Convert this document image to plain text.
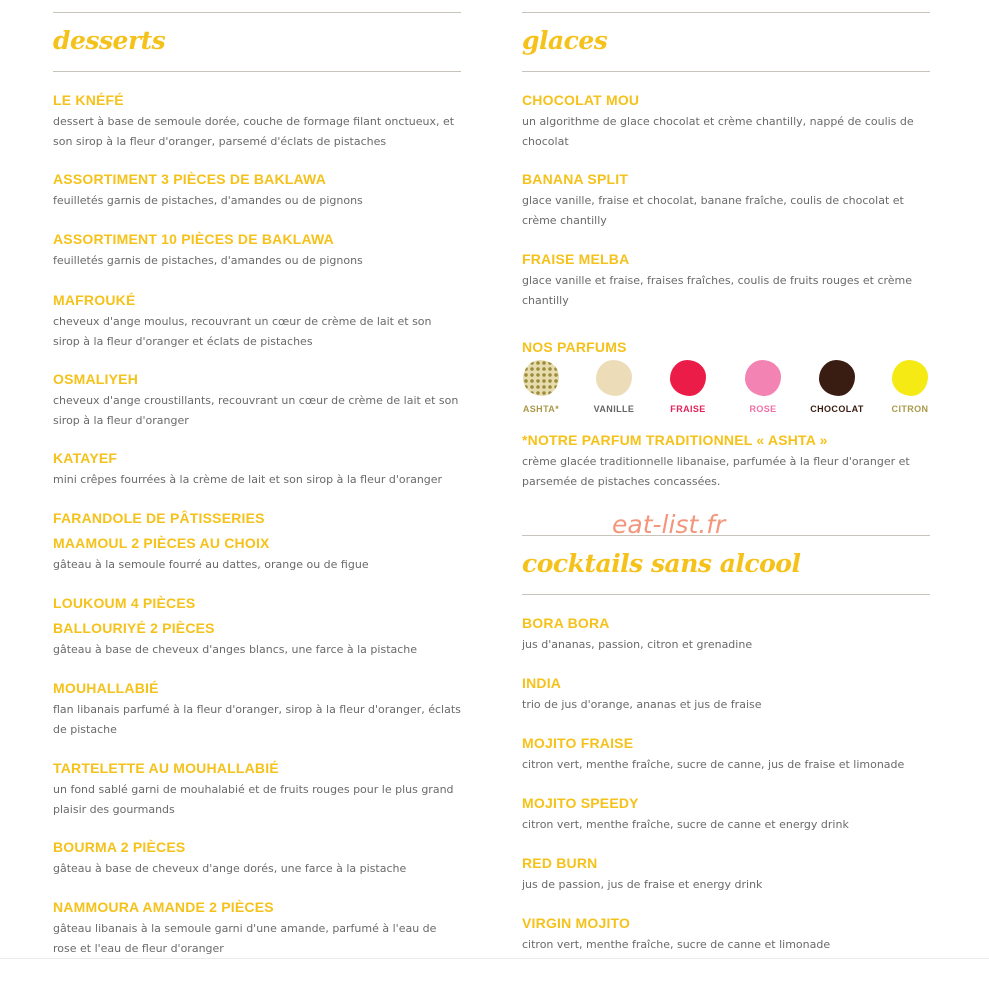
desserts
LE KNÉFÉ
dessert à base de semoule dorée, couche de formage filant onctueux, et son sirop à la fleur d'oranger, parsemé d'éclats de pistaches
ASSORTIMENT 3 PIÈCES DE BAKLAWA
feuilletés garnis de pistaches, d'amandes ou de pignons
ASSORTIMENT 10 PIÈCES DE BAKLAWA
feuilletés garnis de pistaches, d'amandes ou de pignons
MAFROUKÉ
cheveux d'ange moulus, recouvrant un cœur de crème de lait et son sirop à la fleur d'oranger et éclats de pistaches
OSMALIYEH
cheveux d'ange croustillants, recouvrant un cœur de crème de lait et son sirop à la fleur d'oranger
KATAYEF
mini crêpes fourrées à la crème de lait et son sirop à la fleur d'oranger
FARANDOLE DE PÂTISSERIES
MAAMOUL 2 PIÈCES AU CHOIX
gâteau à la semoule fourré au dattes, orange ou de figue
LOUKOUM 4 PIÈCES
BALLOURIYÉ 2 PIÈCES
gâteau à base de cheveux d'anges blancs, une farce à la pistache
MOUHALLABIÉ
flan libanais parfumé à la fleur d'oranger, sirop à la fleur d'oranger, éclats de pistache
TARTELETTE AU MOUHALLABIÉ
un fond sablé garni de mouhalabié et de fruits rouges pour le plus grand plaisir des gourmands
BOURMA 2 PIÈCES
gâteau à base de cheveux d'ange dorés, une farce à la pistache
NAMMOURA AMANDE 2 PIÈCES
gâteau libanais à la semoule garni d'une amande, parfumé à l'eau de rose et l'eau de fleur d'oranger
glaces
CHOCOLAT MOU
un algorithme de glace chocolat et crème chantilly, nappé de coulis de chocolat
BANANA SPLIT
glace vanille, fraise et chocolat, banane fraîche, coulis de chocolat et crème chantilly
FRAISE MELBA
glace vanille et fraise, fraises fraîches, coulis de fruits rouges et crème chantilly
NOS PARFUMS
ASHTA*	VANILLE	FRAISE	ROSE	CHOCOLAT	CITRON
*NOTRE PARFUM TRADITIONNEL « ASHTA »
crème glacée traditionnelle libanaise, parfumée à la fleur d'oranger et parsemée de pistaches concassées.
cocktails sans alcool
BORA BORA
jus d'ananas, passion, citron et grenadine
INDIA
trio de jus d'orange, ananas et jus de fraise
MOJITO FRAISE
citron vert, menthe fraîche, sucre de canne, jus de fraise et limonade
MOJITO SPEEDY
citron vert, menthe fraîche, sucre de canne et energy drink
RED BURN
jus de passion, jus de fraise et energy drink
VIRGIN MOJITO
citron vert, menthe fraîche, sucre de canne et limonade
eat-list.fr
